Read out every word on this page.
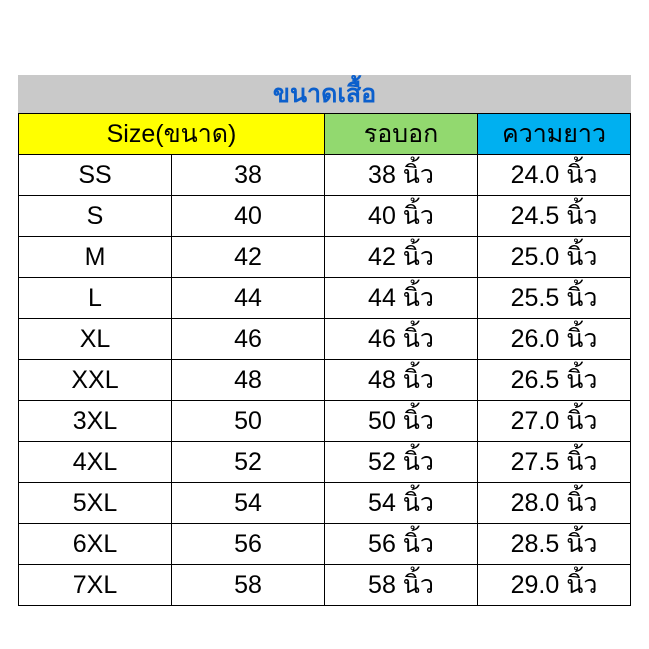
ขนาดเสื้อ
Size(ขนาด)		รอบอก	ความยาว
SS	38	38 นิ้ว	24.0 นิ้ว
S	40	40 นิ้ว	24.5 นิ้ว
M	42	42 นิ้ว	25.0 นิ้ว
L	44	44 นิ้ว	25.5 นิ้ว
XL	46	46 นิ้ว	26.0 นิ้ว
XXL	48	48 นิ้ว	26.5 นิ้ว
3XL	50	50 นิ้ว	27.0 นิ้ว
4XL	52	52 นิ้ว	27.5 นิ้ว
5XL	54	54 นิ้ว	28.0 นิ้ว
6XL	56	56 นิ้ว	28.5 นิ้ว
7XL	58	58 นิ้ว	29.0 นิ้ว
